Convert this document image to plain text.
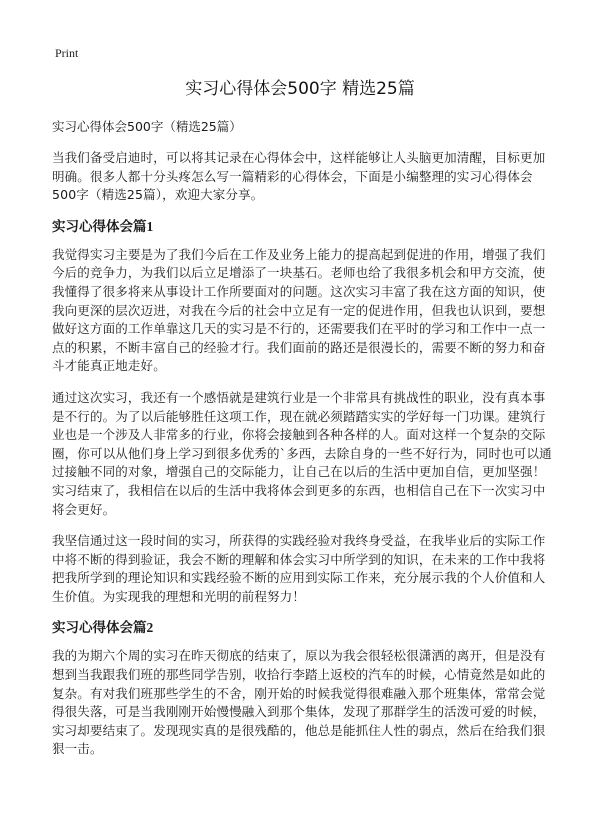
Print
实习心得体会500字 精选25篇
实习心得体会500字（精选25篇）

当我们备受启迪时，可以将其记录在心得体会中，这样能够让人头脑更加清醒，目标更加明确。很多人都十分头疼怎么写一篇精彩的心得体会，下面是小编整理的实习心得体会500字（精选25篇），欢迎大家分享。

实习心得体会篇1

我觉得实习主要是为了我们今后在工作及业务上能力的提高起到促进的作用，增强了我们今后的竞争力，为我们以后立足增添了一块基石。老师也给了我很多机会和甲方交流，使我懂得了很多将来从事设计工作所要面对的问题。这次实习丰富了我在这方面的知识，使我向更深的层次迈进，对我在今后的社会中立足有一定的促进作用，但我也认识到，要想做好这方面的工作单靠这几天的实习是不行的，还需要我们在平时的学习和工作中一点一点的积累，不断丰富自己的经验才行。我们面前的路还是很漫长的，需要不断的努力和奋斗才能真正地走好。

通过这次实习，我还有一个感悟就是建筑行业是一个非常具有挑战性的职业，没有真本事是不行的。为了以后能够胜任这项工作，现在就必须踏踏实实的学好每一门功课。建筑行业也是一个涉及人非常多的行业，你将会接触到各种各样的人。面对这样一个复杂的交际圈，你可以从他们身上学习到很多优秀的`多西，去除自身的一些不好行为，同时也可以通过接触不同的对象，增强自己的交际能力，让自己在以后的生活中更加自信，更加坚强！实习结束了，我相信在以后的生活中我将体会到更多的东西，也相信自己在下一次实习中将会更好。

我坚信通过这一段时间的实习，所获得的实践经验对我终身受益，在我毕业后的实际工作中将不断的得到验证，我会不断的理解和体会实习中所学到的知识，在未来的工作中我将把我所学到的理论知识和实践经验不断的应用到实际工作来，充分展示我的个人价值和人生价值。为实现我的理想和光明的前程努力！

实习心得体会篇2

我的为期六个周的实习在昨天彻底的结束了，原以为我会很轻松很潇洒的离开，但是没有想到当我跟我们班的那些同学告别，收拾行李踏上返校的汽车的时候，心情竟然是如此的复杂。有对我们班那些学生的不舍，刚开始的时候我觉得很难融入那个班集体，常常会觉得很失落，可是当我刚刚开始慢慢融入到那个集体，发现了那群学生的活泼可爱的时候，实习却要结束了。发现现实真的是很残酷的，他总是能抓住人性的弱点，然后在给我们狠狠一击。
